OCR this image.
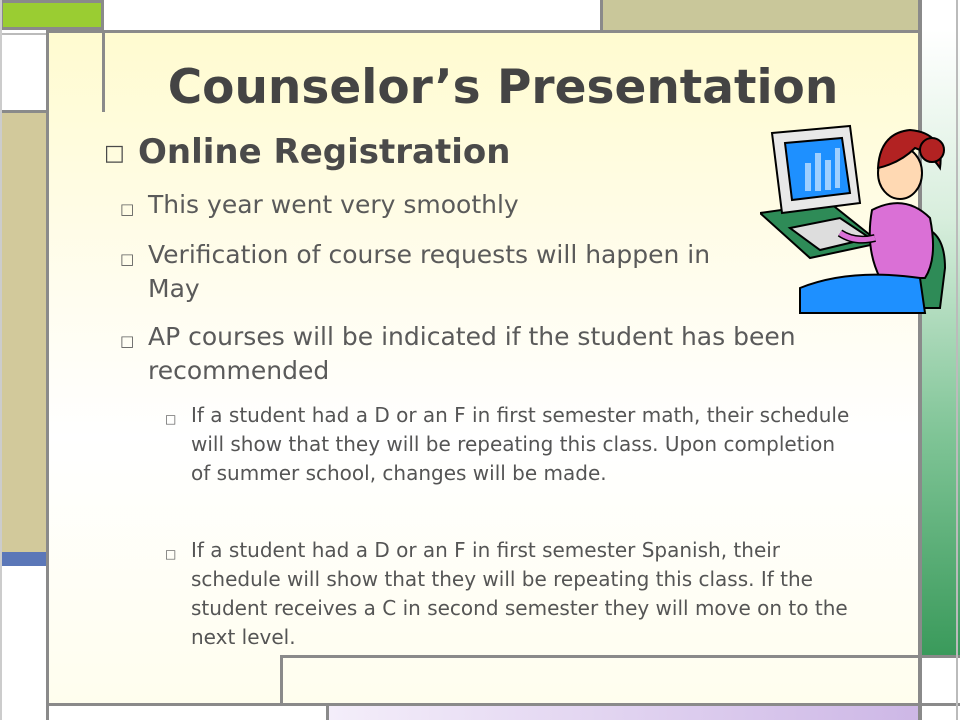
Counselor’s Presentation
□ Online Registration
□ This year went very smoothly
□ Verification of course requests will happen in May
□ AP courses will be indicated if the student has been recommended
□ If a student had a D or an F in first semester math, their schedule will show that they will be repeating this class. Upon completion of summer school, changes will be made.
□ If a student had a D or an F in first semester Spanish, their schedule will show that they will be repeating this class. If the student receives a C in second semester they will move on to the next level.
